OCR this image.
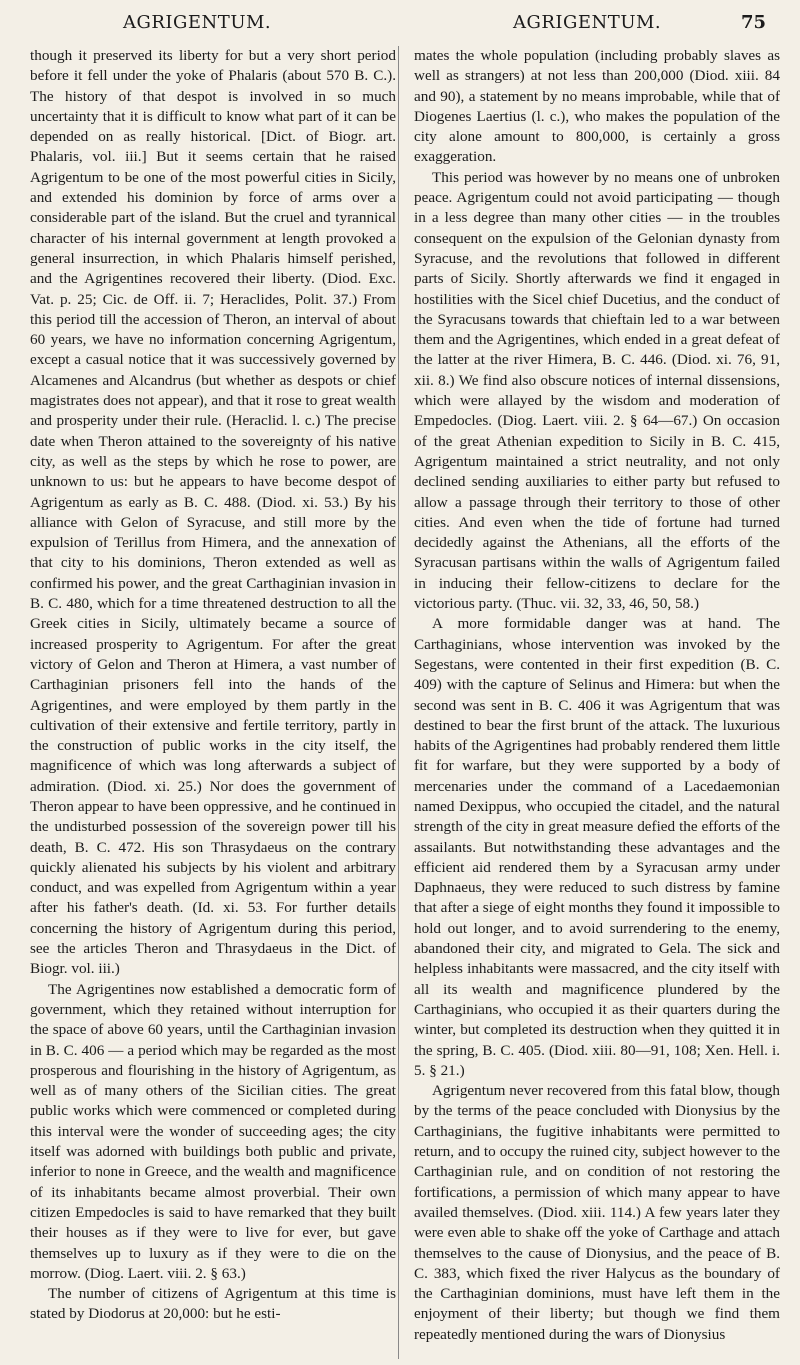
AGRIGENTUM.	AGRIGENTUM.	75

though it preserved its liberty for but a very short period before it fell under the yoke of Phalaris (about 570 B. C.). The history of that despot is involved in so much uncertainty that it is difficult to know what part of it can be depended on as really historical. [Dict. of Biogr. art. Phalaris, vol. iii.] But it seems certain that he raised Agrigentum to be one of the most powerful cities in Sicily, and extended his dominion by force of arms over a considerable part of the island. But the cruel and tyrannical character of his internal government at length provoked a general insurrection, in which Phalaris himself perished, and the Agrigentines recovered their liberty. (Diod. Exc. Vat. p. 25; Cic. de Off. ii. 7; Heraclides, Polit. 37.) From this period till the accession of Theron, an interval of about 60 years, we have no information concerning Agrigentum, except a casual notice that it was successively governed by Alcamenes and Alcandrus (but whether as despots or chief magistrates does not appear), and that it rose to great wealth and prosperity under their rule. (Heraclid. l. c.) The precise date when Theron attained to the sovereignty of his native city, as well as the steps by which he rose to power, are unknown to us: but he appears to have become despot of Agrigentum as early as B. C. 488. (Diod. xi. 53.) By his alliance with Gelon of Syracuse, and still more by the expulsion of Terillus from Himera, and the annexation of that city to his dominions, Theron extended as well as confirmed his power, and the great Carthaginian invasion in B. C. 480, which for a time threatened destruction to all the Greek cities in Sicily, ultimately became a source of increased prosperity to Agrigentum. For after the great victory of Gelon and Theron at Himera, a vast number of Carthaginian prisoners fell into the hands of the Agrigentines, and were employed by them partly in the cultivation of their extensive and fertile territory, partly in the construction of public works in the city itself, the magnificence of which was long afterwards a subject of admiration. (Diod. xi. 25.) Nor does the government of Theron appear to have been oppressive, and he continued in the undisturbed possession of the sovereign power till his death, B. C. 472. His son Thrasydaeus on the contrary quickly alienated his subjects by his violent and arbitrary conduct, and was expelled from Agrigentum within a year after his father's death. (Id. xi. 53. For further details concerning the history of Agrigentum during this period, see the articles Theron and Thrasydaeus in the Dict. of Biogr. vol. iii.)

The Agrigentines now established a democratic form of government, which they retained without interruption for the space of above 60 years, until the Carthaginian invasion in B. C. 406 — a period which may be regarded as the most prosperous and flourishing in the history of Agrigentum, as well as of many others of the Sicilian cities. The great public works which were commenced or completed during this interval were the wonder of succeeding ages; the city itself was adorned with buildings both public and private, inferior to none in Greece, and the wealth and magnificence of its inhabitants became almost proverbial. Their own citizen Empedocles is said to have remarked that they built their houses as if they were to live for ever, but gave themselves up to luxury as if they were to die on the morrow. (Diog. Laert. viii. 2. § 63.)

The number of citizens of Agrigentum at this time is stated by Diodorus at 20,000: but he esti-

mates the whole population (including probably slaves as well as strangers) at not less than 200,000 (Diod. xiii. 84 and 90), a statement by no means improbable, while that of Diogenes Laertius (l. c.), who makes the population of the city alone amount to 800,000, is certainly a gross exaggeration.

This period was however by no means one of unbroken peace. Agrigentum could not avoid participating — though in a less degree than many other cities — in the troubles consequent on the expulsion of the Gelonian dynasty from Syracuse, and the revolutions that followed in different parts of Sicily. Shortly afterwards we find it engaged in hostilities with the Sicel chief Ducetius, and the conduct of the Syracusans towards that chieftain led to a war between them and the Agrigentines, which ended in a great defeat of the latter at the river Himera, B. C. 446. (Diod. xi. 76, 91, xii. 8.) We find also obscure notices of internal dissensions, which were allayed by the wisdom and moderation of Empedocles. (Diog. Laert. viii. 2. § 64—67.) On occasion of the great Athenian expedition to Sicily in B. C. 415, Agrigentum maintained a strict neutrality, and not only declined sending auxiliaries to either party but refused to allow a passage through their territory to those of other cities. And even when the tide of fortune had turned decidedly against the Athenians, all the efforts of the Syracusan partisans within the walls of Agrigentum failed in inducing their fellow-citizens to declare for the victorious party. (Thuc. vii. 32, 33, 46, 50, 58.)

A more formidable danger was at hand. The Carthaginians, whose intervention was invoked by the Segestans, were contented in their first expedition (B. C. 409) with the capture of Selinus and Himera: but when the second was sent in B. C. 406 it was Agrigentum that was destined to bear the first brunt of the attack. The luxurious habits of the Agrigentines had probably rendered them little fit for warfare, but they were supported by a body of mercenaries under the command of a Lacedaemonian named Dexippus, who occupied the citadel, and the natural strength of the city in great measure defied the efforts of the assailants. But notwithstanding these advantages and the efficient aid rendered them by a Syracusan army under Daphnaeus, they were reduced to such distress by famine that after a siege of eight months they found it impossible to hold out longer, and to avoid surrendering to the enemy, abandoned their city, and migrated to Gela. The sick and helpless inhabitants were massacred, and the city itself with all its wealth and magnificence plundered by the Carthaginians, who occupied it as their quarters during the winter, but completed its destruction when they quitted it in the spring, B. C. 405. (Diod. xiii. 80—91, 108; Xen. Hell. i. 5. § 21.)

Agrigentum never recovered from this fatal blow, though by the terms of the peace concluded with Dionysius by the Carthaginians, the fugitive inhabitants were permitted to return, and to occupy the ruined city, subject however to the Carthaginian rule, and on condition of not restoring the fortifications, a permission of which many appear to have availed themselves. (Diod. xiii. 114.) A few years later they were even able to shake off the yoke of Carthage and attach themselves to the cause of Dionysius, and the peace of B. C. 383, which fixed the river Halycus as the boundary of the Carthaginian dominions, must have left them in the enjoyment of their liberty; but though we find them repeatedly mentioned during the wars of Dionysius
